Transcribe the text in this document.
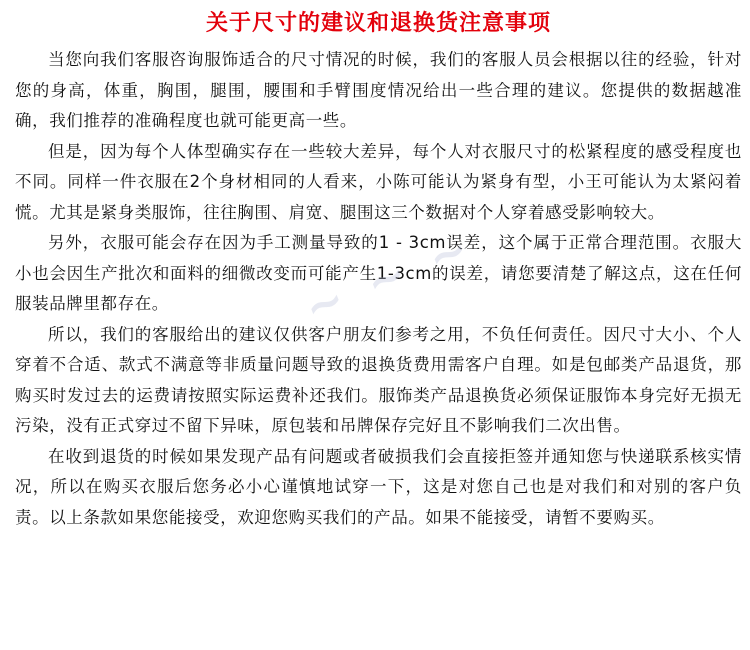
关于尺寸的建议和退换货注意事项

当您向我们客服咨询服饰适合的尺寸情况的时候，我们的客服人员会根据以往的经验，针对您的身高，体重，胸围，腿围，腰围和手臂围度情况给出一些合理的建议。您提供的数据越准确，我们推荐的准确程度也就可能更高一些。

但是，因为每个人体型确实存在一些较大差异，每个人对衣服尺寸的松紧程度的感受程度也不同。同样一件衣服在2个身材相同的人看来，小陈可能认为紧身有型，小王可能认为太紧闷着慌。尤其是紧身类服饰，往往胸围、肩宽、腿围这三个数据对个人穿着感受影响较大。

另外，衣服可能会存在因为手工测量导致的1 - 3cm误差，这个属于正常合理范围。衣服大小也会因生产批次和面料的细微改变而可能产生1-3cm的误差，请您要清楚了解这点，这在任何服装品牌里都存在。

所以，我们的客服给出的建议仅供客户朋友们参考之用，不负任何责任。因尺寸大小、个人穿着不合适、款式不满意等非质量问题导致的退换货费用需客户自理。如是包邮类产品退货，那购买时发过去的运费请按照实际运费补还我们。服饰类产品退换货必须保证服饰本身完好无损无污染，没有正式穿过不留下异味，原包装和吊牌保存完好且不影响我们二次出售。

在收到退货的时候如果发现产品有问题或者破损我们会直接拒签并通知您与快递联系核实情况，所以在购买衣服后您务必小心谨慎地试穿一下，这是对您自己也是对我们和对别的客户负责。以上条款如果您能接受，欢迎您购买我们的产品。如果不能接受，请暂不要购买。

~ ~ ~
